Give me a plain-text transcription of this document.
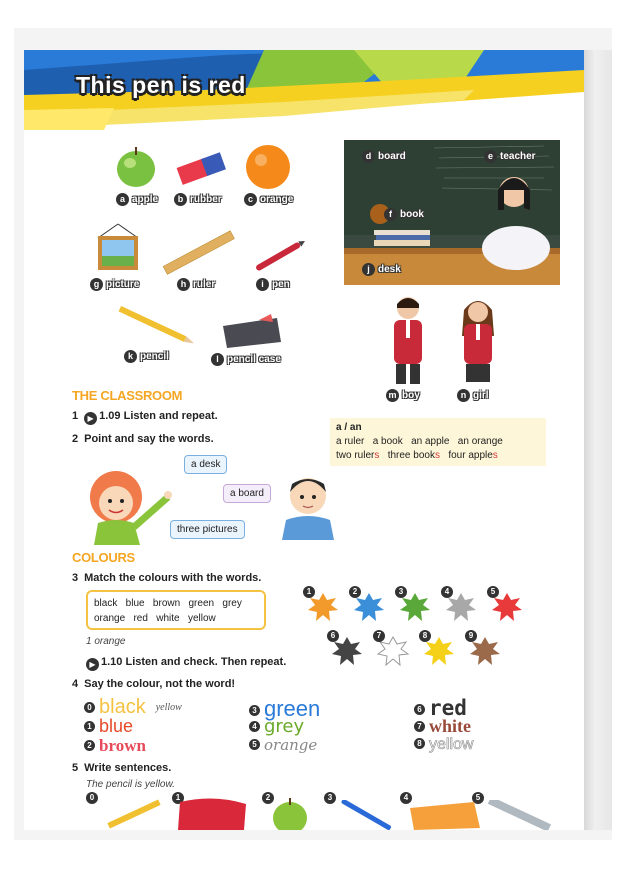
This pen is red
a apple	b rubber	c orange
g picture	h ruler	i pen
k pencil	l pencil case
d board	e teacher
f book
j desk
m boy	n girl
THE CLASSROOM
1 ▶ 1.09 Listen and repeat.
2 Point and say the words.
a desk
a board
three pictures
a / an
a ruler a book an apple an orange
two rulers three books four apples
COLOURS
3 Match the colours with the words.
black   blue   brown   green   grey
orange   red   white   yellow
1 orange
▶ 1.10 Listen and check. Then repeat.
1	2	3	4	5
6	7	8	9
4 Say the colour, not the word!
0 black yellow
1 blue
2 brown
3 green
4 grey
5 orange
6 red
7 white
8 yellow
5 Write sentences.
The pencil is yellow.
0	1	2	3	4	5
